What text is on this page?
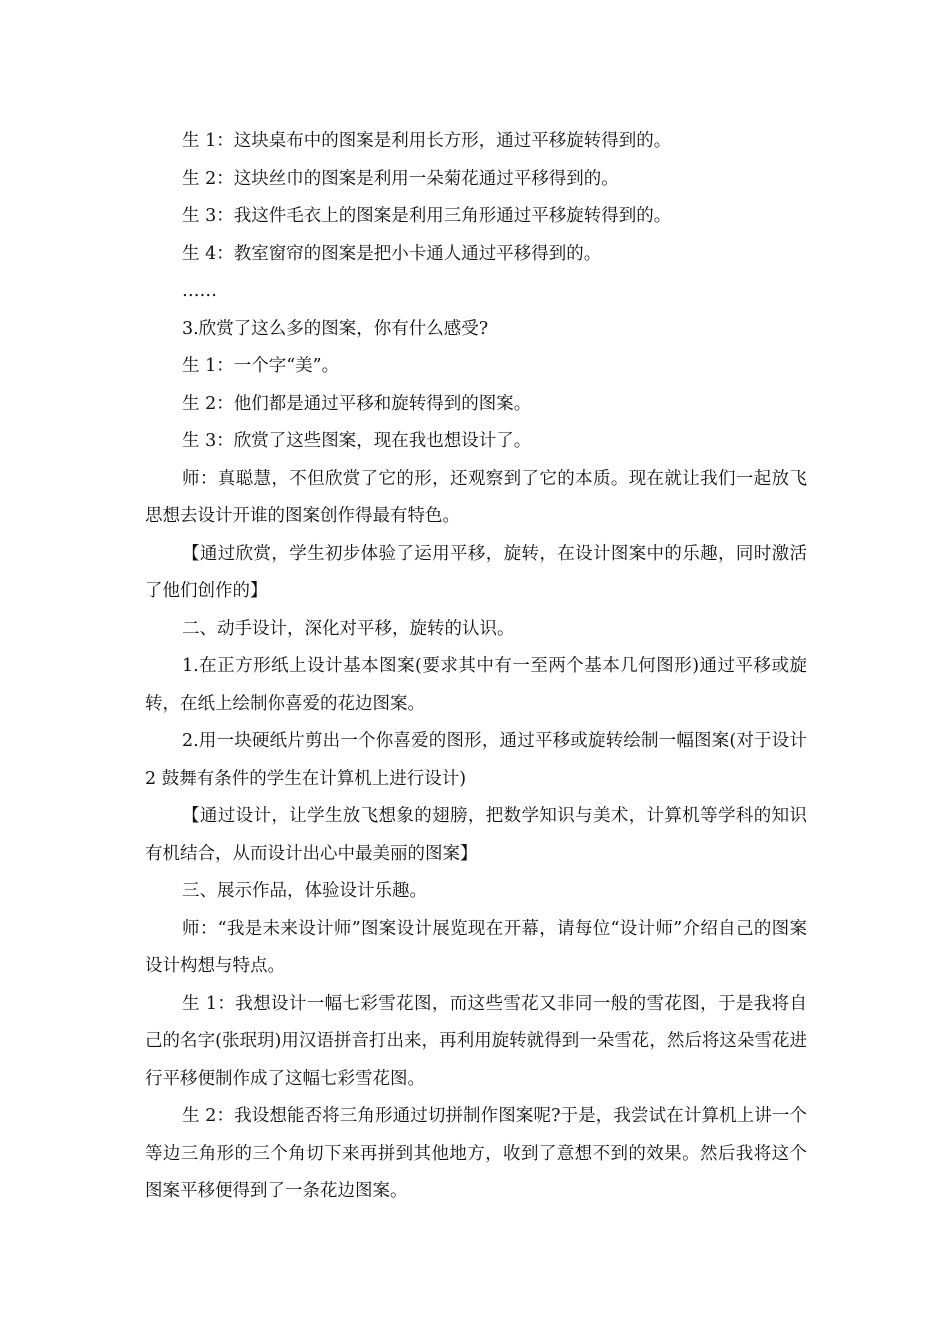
生 1：这块桌布中的图案是利用长方形，通过平移旋转得到的。

生 2：这块丝巾的图案是利用一朵菊花通过平移得到的。

生 3：我这件毛衣上的图案是利用三角形通过平移旋转得到的。

生 4：教室窗帘的图案是把小卡通人通过平移得到的。

……

3.欣赏了这么多的图案，你有什么感受?

生 1：一个字“美”。

生 2：他们都是通过平移和旋转得到的图案。

生 3：欣赏了这些图案，现在我也想设计了。

师：真聪慧，不但欣赏了它的形，还观察到了它的本质。现在就让我们一起放飞思想去设计开谁的图案创作得最有特色。

【通过欣赏，学生初步体验了运用平移，旋转，在设计图案中的乐趣，同时激活了他们创作的】

二、动手设计，深化对平移，旋转的认识。

1.在正方形纸上设计基本图案(要求其中有一至两个基本几何图形)通过平移或旋转，在纸上绘制你喜爱的花边图案。

2.用一块硬纸片剪出一个你喜爱的图形，通过平移或旋转绘制一幅图案(对于设计 2 鼓舞有条件的学生在计算机上进行设计)

【通过设计，让学生放飞想象的翅膀，把数学知识与美术，计算机等学科的知识有机结合，从而设计出心中最美丽的图案】

三、展示作品，体验设计乐趣。

师：“我是未来设计师”图案设计展览现在开幕，请每位“设计师”介绍自己的图案设计构想与特点。

生 1：我想设计一幅七彩雪花图，而这些雪花又非同一般的雪花图，于是我将自己的名字(张珉玥)用汉语拼音打出来，再利用旋转就得到一朵雪花，然后将这朵雪花进行平移便制作成了这幅七彩雪花图。

生 2：我设想能否将三角形通过切拼制作图案呢?于是，我尝试在计算机上讲一个等边三角形的三个角切下来再拼到其他地方，收到了意想不到的效果。然后我将这个图案平移便得到了一条花边图案。
